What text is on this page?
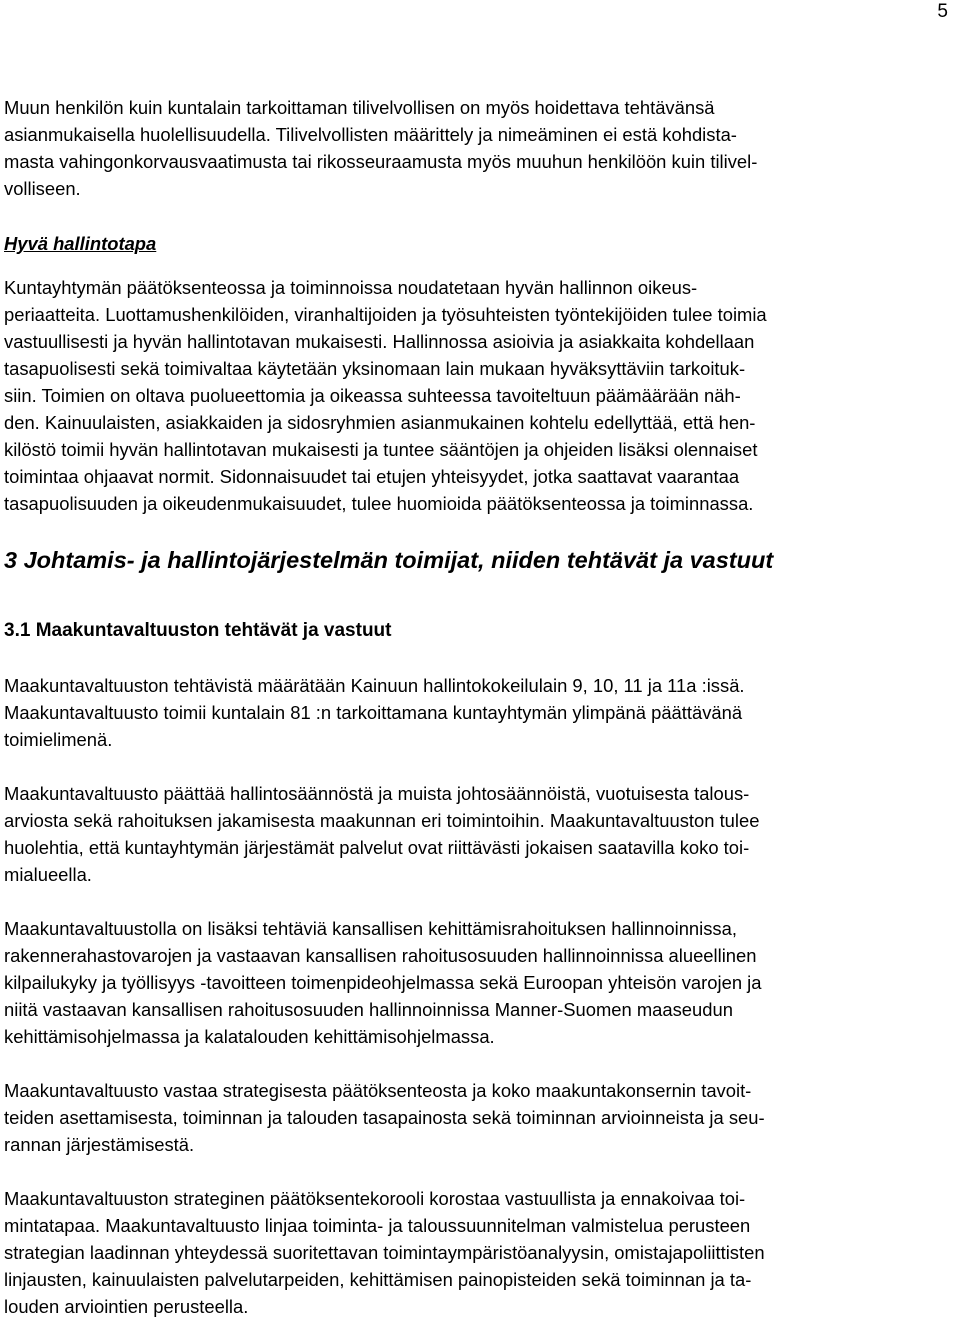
5

Muun henkilön kuin kuntalain tarkoittaman tilivelvollisen on myös hoidettava tehtävänsä
asianmukaisella huolellisuudella. Tilivelvollisten määrittely ja nimeäminen ei estä kohdista-
masta vahingonkorvausvaatimusta tai rikosseuraamusta myös muuhun henkilöön kuin tilivel-
volliseen.

Hyvä hallintotapa

Kuntayhtymän päätöksenteossa ja toiminnoissa noudatetaan hyvän hallinnon oikeus-
periaatteita. Luottamushenkilöiden, viranhaltijoiden ja työsuhteisten työntekijöiden tulee toimia
vastuullisesti ja hyvän hallintotavan mukaisesti. Hallinnossa asioivia ja asiakkaita kohdellaan
tasapuolisesti sekä toimivaltaa käytetään yksinomaan lain mukaan hyväksyttäviin tarkoituk-
siin. Toimien on oltava puolueettomia ja oikeassa suhteessa tavoiteltuun päämäärään näh-
den. Kainuulaisten, asiakkaiden ja sidosryhmien asianmukainen kohtelu edellyttää, että hen-
kilöstö toimii hyvän hallintotavan mukaisesti ja tuntee sääntöjen ja ohjeiden lisäksi olennaiset
toimintaa ohjaavat normit. Sidonnaisuudet tai etujen yhteisyydet, jotka saattavat vaarantaa
tasapuolisuuden ja oikeudenmukaisuudet, tulee huomioida päätöksenteossa ja toiminnassa.

3 Johtamis- ja hallintojärjestelmän toimijat, niiden tehtävät ja vastuut
3.1 Maakuntavaltuuston tehtävät ja vastuut

Maakuntavaltuuston tehtävistä määrätään Kainuun hallintokokeilulain 9, 10, 11 ja 11a :issä.
Maakuntavaltuusto toimii kuntalain 81 :n tarkoittamana kuntayhtymän ylimpänä päättävänä
toimielimenä.

Maakuntavaltuusto päättää hallintosäännöstä ja muista johtosäännöistä, vuotuisesta talous-
arviosta sekä rahoituksen jakamisesta maakunnan eri toimintoihin. Maakuntavaltuuston tulee
huolehtia, että kuntayhtymän järjestämät palvelut ovat riittävästi jokaisen saatavilla koko toi-
mialueella.

Maakuntavaltuustolla on lisäksi tehtäviä kansallisen kehittämisrahoituksen hallinnoinnissa,
rakennerahastovarojen ja vastaavan kansallisen rahoitusosuuden hallinnoinnissa alueellinen
kilpailukyky ja työllisyys -tavoitteen toimenpideohjelmassa sekä Euroopan yhteisön varojen ja
niitä vastaavan kansallisen rahoitusosuuden hallinnoinnissa Manner-Suomen maaseudun
kehittämisohjelmassa ja kalatalouden kehittämisohjelmassa.

Maakuntavaltuusto vastaa strategisesta päätöksenteosta ja koko maakuntakonsernin tavoit-
teiden asettamisesta, toiminnan ja talouden tasapainosta sekä toiminnan arvioinneista ja seu-
rannan järjestämisestä.

Maakuntavaltuuston strateginen päätöksentekorooli korostaa vastuullista ja ennakoivaa toi-
mintatapaa. Maakuntavaltuusto linjaa toiminta- ja taloussuunnitelman valmistelua perusteen
strategian laadinnan yhteydessä suoritettavan toimintaympäristöanalyysin, omistajapoliittisten
linjausten, kainuulaisten palvelutarpeiden, kehittämisen painopisteiden sekä toiminnan ja ta-
louden arviointien perusteella.
